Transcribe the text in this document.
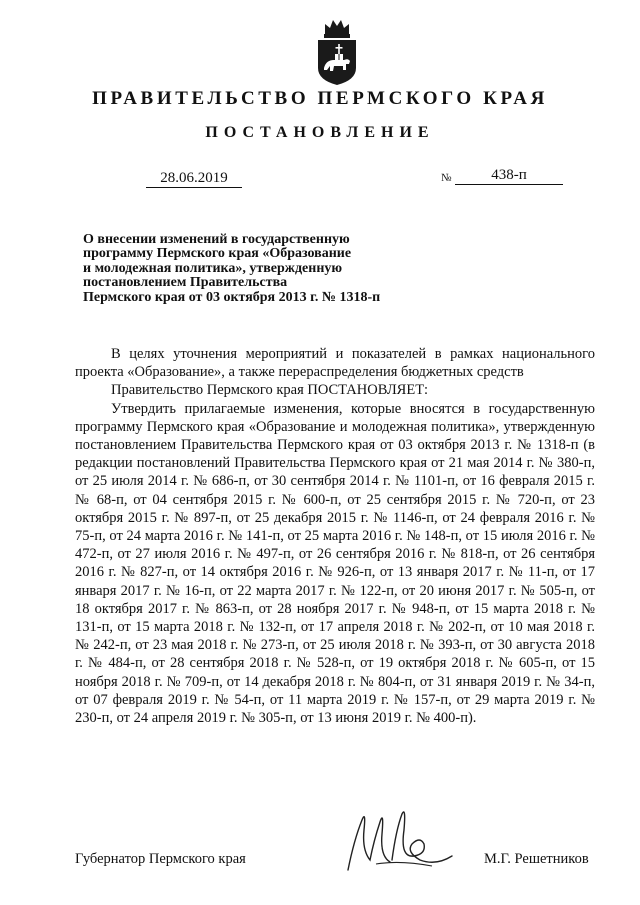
ПРАВИТЕЛЬСТВО ПЕРМСКОГО КРАЯ
ПОСТАНОВЛЕНИЕ
28.06.2019	№	438-п
О внесении изменений в государственную
программу Пермского края «Образование
и молодежная политика», утвержденную
постановлением Правительства
Пермского края от 03 октября 2013 г. № 1318-п

В целях уточнения мероприятий и показателей в рамках национального проекта «Образование», а также перераспределения бюджетных средств

Правительство Пермского края ПОСТАНОВЛЯЕТ:

Утвердить прилагаемые изменения, которые вносятся в государственную программу Пермского края «Образование и молодежная политика», утвержденную постановлением Правительства Пермского края от 03 октября 2013 г. № 1318-п (в редакции постановлений Правительства Пермского края от 21 мая 2014 г. № 380-п, от 25 июля 2014 г. № 686-п, от 30 сентября 2014 г. № 1101-п, от 16 февраля 2015 г. № 68-п, от 04 сентября 2015 г. № 600-п, от 25 сентября 2015 г. № 720-п, от 23 октября 2015 г. № 897-п, от 25 декабря 2015 г. № 1146-п, от 24 февраля 2016 г. № 75-п, от 24 марта 2016 г. № 141-п, от 25 марта 2016 г. № 148-п, от 15 июля 2016 г. № 472-п, от 27 июля 2016 г. № 497-п, от 26 сентября 2016 г. № 818-п, от 26 сентября 2016 г. № 827-п, от 14 октября 2016 г. № 926-п, от 13 января 2017 г. № 11-п, от 17 января 2017 г. № 16-п, от 22 марта 2017 г. № 122-п, от 20 июня 2017 г. № 505-п, от 18 октября 2017 г. № 863-п, от 28 ноября 2017 г. № 948-п, от 15 марта 2018 г. № 131-п, от 15 марта 2018 г. № 132-п, от 17 апреля 2018 г. № 202-п, от 10 мая 2018 г. № 242-п, от 23 мая 2018 г. № 273-п, от 25 июля 2018 г. № 393-п, от 30 августа 2018 г. № 484-п, от 28 сентября 2018 г. № 528-п, от 19 октября 2018 г. № 605-п, от 15 ноября 2018 г. № 709-п, от 14 декабря 2018 г. № 804-п, от 31 января 2019 г. № 34-п, от 07 февраля 2019 г. № 54-п, от 11 марта 2019 г. № 157-п, от 29 марта 2019 г. № 230-п, от 24 апреля 2019 г. № 305-п, от 13 июня 2019 г. № 400-п).

Губернатор Пермского края	М.Г. Решетников
